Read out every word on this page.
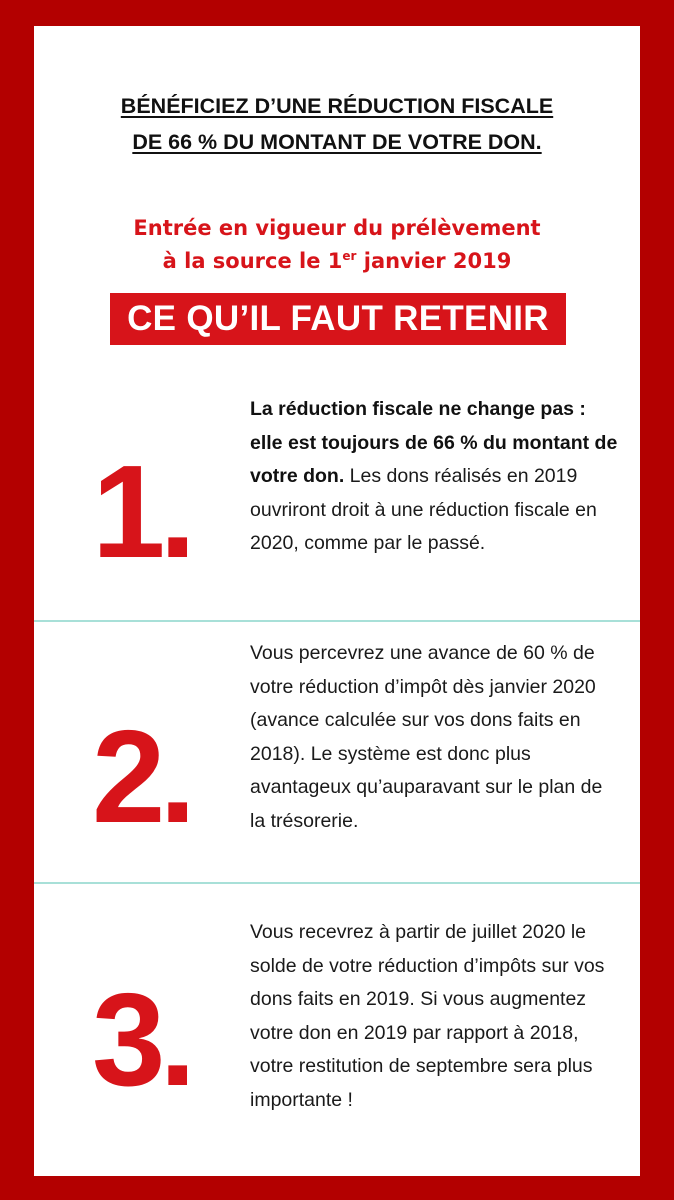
BÉNÉFICIEZ D’UNE RÉDUCTION FISCALE
DE 66 % DU MONTANT DE VOTRE DON.
Entrée en vigueur du prélèvement
à la source le 1er janvier 2019
CE QU’IL FAUT RETENIR
1.
La réduction fiscale ne change pas : elle est toujours de 66 % du montant de votre don. Les dons réalisés en 2019 ouvriront droit à une réduction fiscale en 2020, comme par le passé.
2.
Vous percevrez une avance de 60 % de votre réduction d’impôt dès janvier 2020 (avance calculée sur vos dons faits en 2018). Le système est donc plus avantageux qu’auparavant sur le plan de la trésorerie.
3.
Vous recevrez à partir de juillet 2020 le solde de votre réduction d’impôts sur vos dons faits en 2019. Si vous augmentez votre don en 2019 par rapport à 2018, votre restitution de septembre sera plus importante !
